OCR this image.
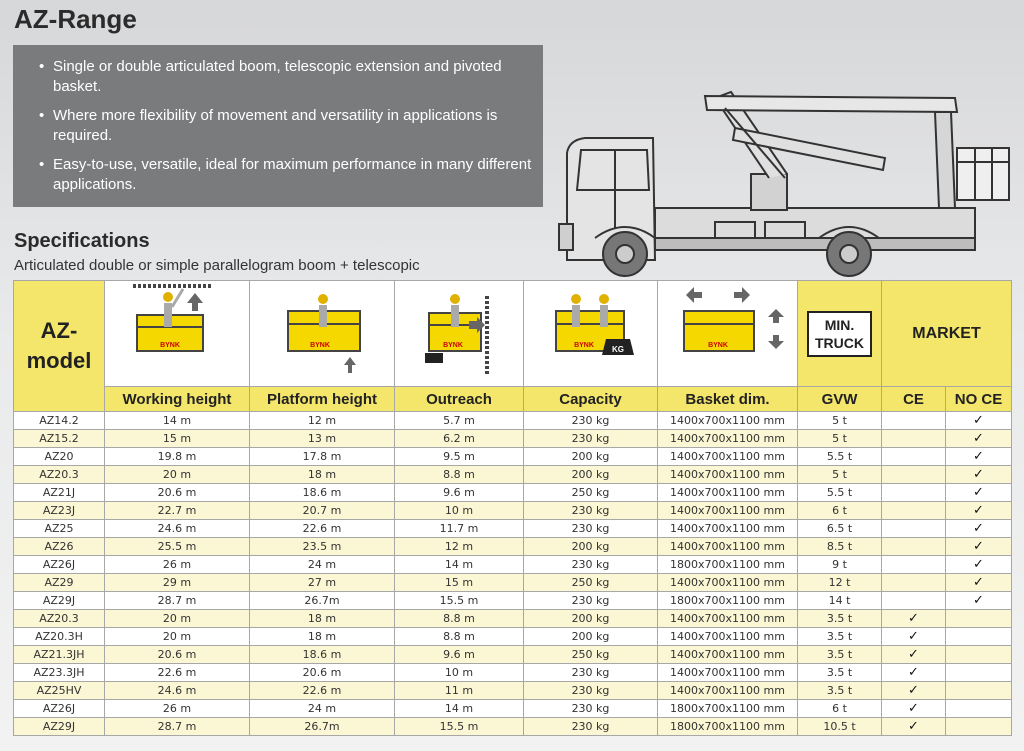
AZ-Range
• Single or double articulated boom, telescopic extension and pivoted basket.
• Where more flexibility of movement and versatility in applications is required.
• Easy-to-use, versatile, ideal for maximum performance in many different applications.
Specifications
Articulated double or simple parallelogram boom + telescopic
AZ-
model	BYNK	BYNK	BYNK	KG
BYNK	BYNK	MIN.
TRUCK	MARKET	
	Working height	Platform height	Outreach	Capacity	Basket dim.	GVW	CE	NO CE
AZ14.2	14 m	12 m	5.7 m	230 kg	1400x700x1100 mm	5 t		✓
AZ15.2	15 m	13 m	6.2 m	230 kg	1400x700x1100 mm	5 t		✓
AZ20	19.8 m	17.8 m	9.5 m	200 kg	1400x700x1100 mm	5.5 t		✓
AZ20.3	20 m	18 m	8.8 m	200 kg	1400x700x1100 mm	5 t		✓
AZ21J	20.6 m	18.6 m	9.6 m	250 kg	1400x700x1100 mm	5.5 t		✓
AZ23J	22.7 m	20.7 m	10 m	230 kg	1400x700x1100 mm	6 t		✓
AZ25	24.6 m	22.6 m	11.7 m	230 kg	1400x700x1100 mm	6.5 t		✓
AZ26	25.5 m	23.5 m	12 m	200 kg	1400x700x1100 mm	8.5 t		✓
AZ26J	26 m	24 m	14 m	230 kg	1800x700x1100 mm	9 t		✓
AZ29	29 m	27 m	15 m	250 kg	1400x700x1100 mm	12 t		✓
AZ29J	28.7 m	26.7m	15.5 m	230 kg	1800x700x1100 mm	14 t		✓
AZ20.3	20 m	18 m	8.8 m	200 kg	1400x700x1100 mm	3.5 t	✓	
AZ20.3H	20 m	18 m	8.8 m	200 kg	1400x700x1100 mm	3.5 t	✓	
AZ21.3JH	20.6 m	18.6 m	9.6 m	250 kg	1400x700x1100 mm	3.5 t	✓	
AZ23.3JH	22.6 m	20.6 m	10 m	230 kg	1400x700x1100 mm	3.5 t	✓	
AZ25HV	24.6 m	22.6 m	11 m	230 kg	1400x700x1100 mm	3.5 t	✓	
AZ26J	26 m	24 m	14 m	230 kg	1800x700x1100 mm	6 t	✓	
AZ29J	28.7 m	26.7m	15.5 m	230 kg	1800x700x1100 mm	10.5 t	✓	
